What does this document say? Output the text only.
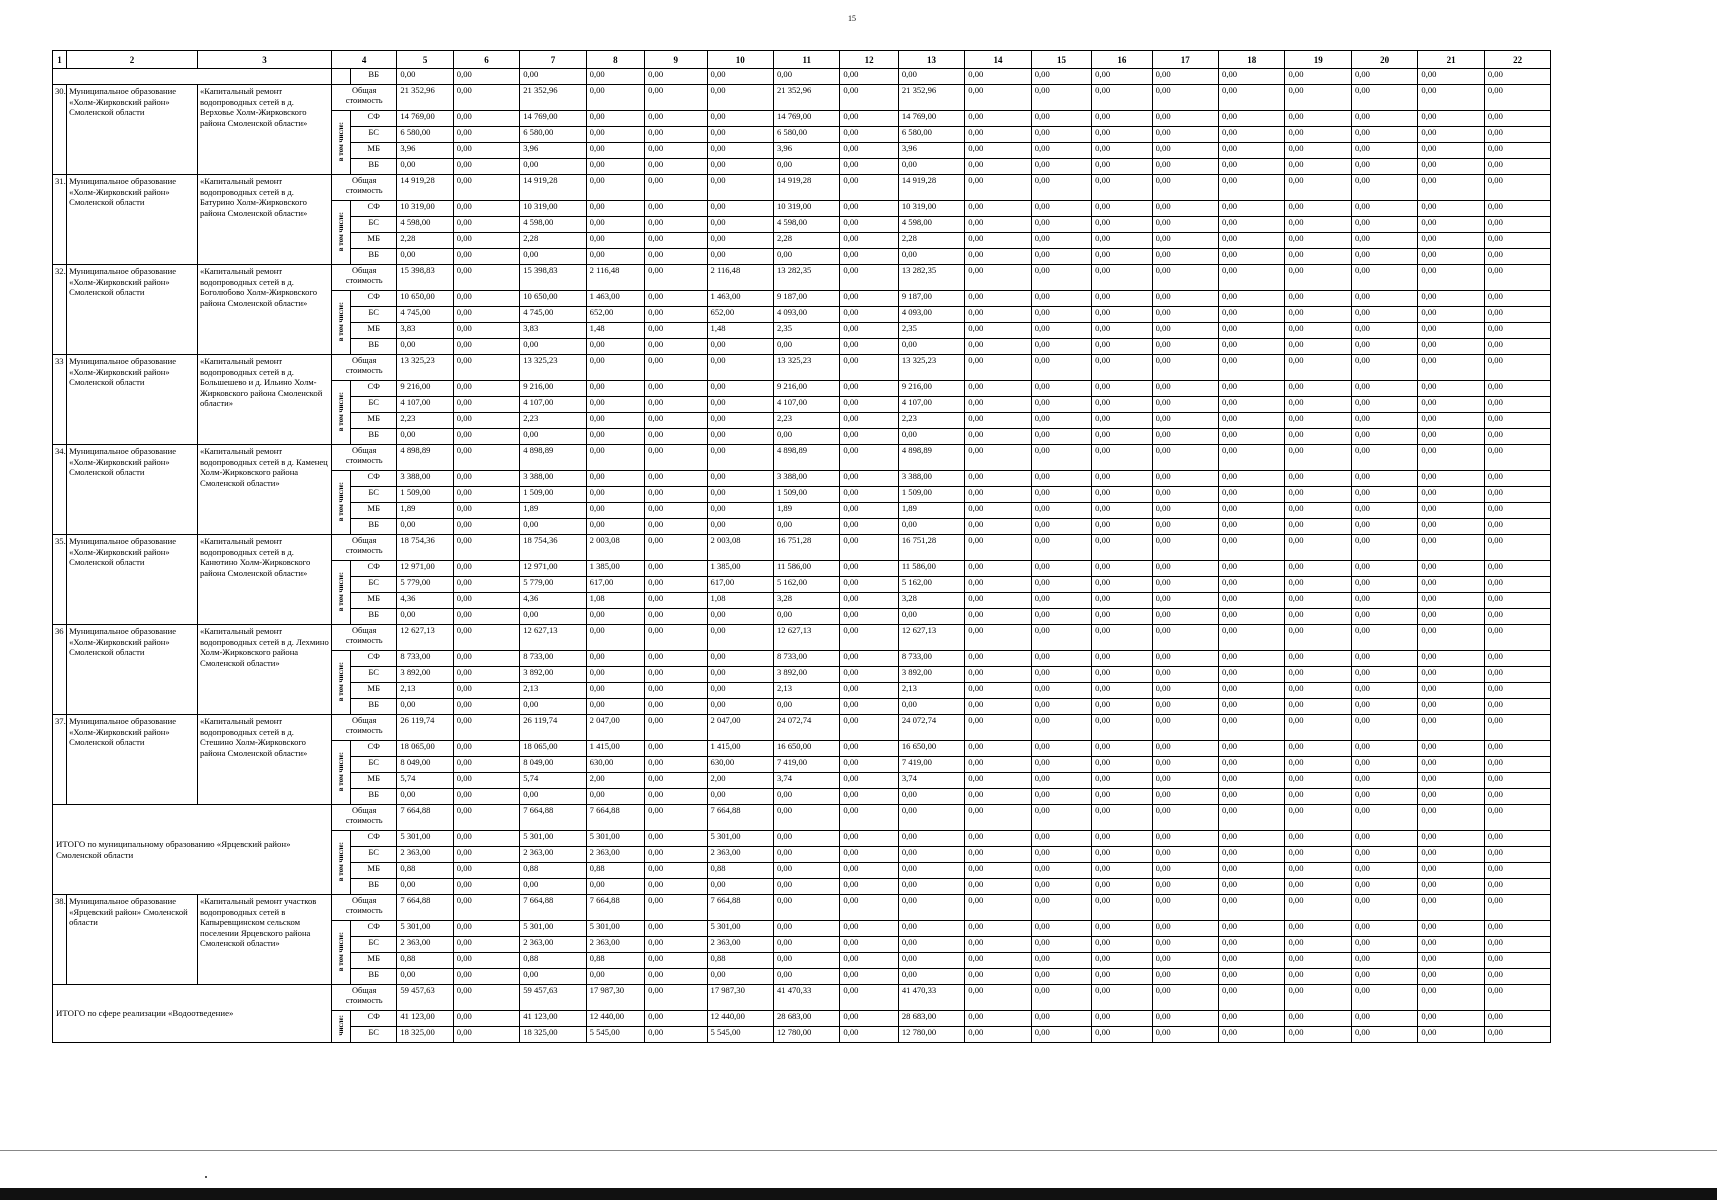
15
1	2	3	4		5	6	7	8	9	10	11	12	13	14	15	16	17	18	19	20	21	22
				ВБ	0,00	0,00	0,00	0,00	0,00	0,00	0,00	0,00	0,00	0,00	0,00	0,00	0,00	0,00	0,00	0,00	0,00	0,00
30.	Муниципальное образование «Холм-Жирковский район» Смоленской области	«Капитальный ремонт водопроводных сетей в д. Верховье Холм-Жирковского района Смоленской области»	Общая стоимость		21 352,96	0,00	21 352,96	0,00	0,00	0,00	21 352,96	0,00	21 352,96	0,00	0,00	0,00	0,00	0,00	0,00	0,00	0,00	0,00
			в том числе:	СФ	14 769,00	0,00	14 769,00	0,00	0,00	0,00	14 769,00	0,00	14 769,00	0,00	0,00	0,00	0,00	0,00	0,00	0,00	0,00	0,00
				БС	6 580,00	0,00	6 580,00	0,00	0,00	0,00	6 580,00	0,00	6 580,00	0,00	0,00	0,00	0,00	0,00	0,00	0,00	0,00	0,00
				МБ	3,96	0,00	3,96	0,00	0,00	0,00	3,96	0,00	3,96	0,00	0,00	0,00	0,00	0,00	0,00	0,00	0,00	0,00
				ВБ	0,00	0,00	0,00	0,00	0,00	0,00	0,00	0,00	0,00	0,00	0,00	0,00	0,00	0,00	0,00	0,00	0,00	0,00
31.	Муниципальное образование «Холм-Жирковский район» Смоленской области	«Капитальный ремонт водопроводных сетей в д. Батурино Холм-Жирковского района Смоленской области»	Общая стоимость		14 919,28	0,00	14 919,28	0,00	0,00	0,00	14 919,28	0,00	14 919,28	0,00	0,00	0,00	0,00	0,00	0,00	0,00	0,00	0,00
			в том числе:	СФ	10 319,00	0,00	10 319,00	0,00	0,00	0,00	10 319,00	0,00	10 319,00	0,00	0,00	0,00	0,00	0,00	0,00	0,00	0,00	0,00
				БС	4 598,00	0,00	4 598,00	0,00	0,00	0,00	4 598,00	0,00	4 598,00	0,00	0,00	0,00	0,00	0,00	0,00	0,00	0,00	0,00
				МБ	2,28	0,00	2,28	0,00	0,00	0,00	2,28	0,00	2,28	0,00	0,00	0,00	0,00	0,00	0,00	0,00	0,00	0,00
				ВБ	0,00	0,00	0,00	0,00	0,00	0,00	0,00	0,00	0,00	0,00	0,00	0,00	0,00	0,00	0,00	0,00	0,00	0,00
32.	Муниципальное образование «Холм-Жирковский район» Смоленской области	«Капитальный ремонт водопроводных сетей в д. Боголюбово Холм-Жирковского района Смоленской области»	Общая стоимость		15 398,83	0,00	15 398,83	2 116,48	0,00	2 116,48	13 282,35	0,00	13 282,35	0,00	0,00	0,00	0,00	0,00	0,00	0,00	0,00	0,00
			в том числе:	СФ	10 650,00	0,00	10 650,00	1 463,00	0,00	1 463,00	9 187,00	0,00	9 187,00	0,00	0,00	0,00	0,00	0,00	0,00	0,00	0,00	0,00
				БС	4 745,00	0,00	4 745,00	652,00	0,00	652,00	4 093,00	0,00	4 093,00	0,00	0,00	0,00	0,00	0,00	0,00	0,00	0,00	0,00
				МБ	3,83	0,00	3,83	1,48	0,00	1,48	2,35	0,00	2,35	0,00	0,00	0,00	0,00	0,00	0,00	0,00	0,00	0,00
				ВБ	0,00	0,00	0,00	0,00	0,00	0,00	0,00	0,00	0,00	0,00	0,00	0,00	0,00	0,00	0,00	0,00	0,00	0,00
33	Муниципальное образование «Холм-Жирковский район» Смоленской области	«Капитальный ремонт водопроводных сетей в д. Большешево и д. Ильино Холм-Жирковского района Смоленской области»	Общая стоимость		13 325,23	0,00	13 325,23	0,00	0,00	0,00	13 325,23	0,00	13 325,23	0,00	0,00	0,00	0,00	0,00	0,00	0,00	0,00	0,00
			в том числе:	СФ	9 216,00	0,00	9 216,00	0,00	0,00	0,00	9 216,00	0,00	9 216,00	0,00	0,00	0,00	0,00	0,00	0,00	0,00	0,00	0,00
				БС	4 107,00	0,00	4 107,00	0,00	0,00	0,00	4 107,00	0,00	4 107,00	0,00	0,00	0,00	0,00	0,00	0,00	0,00	0,00	0,00
				МБ	2,23	0,00	2,23	0,00	0,00	0,00	2,23	0,00	2,23	0,00	0,00	0,00	0,00	0,00	0,00	0,00	0,00	0,00
				ВБ	0,00	0,00	0,00	0,00	0,00	0,00	0,00	0,00	0,00	0,00	0,00	0,00	0,00	0,00	0,00	0,00	0,00	0,00
34.	Муниципальное образование «Холм-Жирковский район» Смоленской области	«Капитальный ремонт водопроводных сетей в д. Каменец Холм-Жирковского района Смоленской области»	Общая стоимость		4 898,89	0,00	4 898,89	0,00	0,00	0,00	4 898,89	0,00	4 898,89	0,00	0,00	0,00	0,00	0,00	0,00	0,00	0,00	0,00
			в том числе:	СФ	3 388,00	0,00	3 388,00	0,00	0,00	0,00	3 388,00	0,00	3 388,00	0,00	0,00	0,00	0,00	0,00	0,00	0,00	0,00	0,00
				БС	1 509,00	0,00	1 509,00	0,00	0,00	0,00	1 509,00	0,00	1 509,00	0,00	0,00	0,00	0,00	0,00	0,00	0,00	0,00	0,00
				МБ	1,89	0,00	1,89	0,00	0,00	0,00	1,89	0,00	1,89	0,00	0,00	0,00	0,00	0,00	0,00	0,00	0,00	0,00
				ВБ	0,00	0,00	0,00	0,00	0,00	0,00	0,00	0,00	0,00	0,00	0,00	0,00	0,00	0,00	0,00	0,00	0,00	0,00
35.	Муниципальное образование «Холм-Жирковский район» Смоленской области	«Капитальный ремонт водопроводных сетей в д. Канютино Холм-Жирковского района Смоленской области»	Общая стоимость		18 754,36	0,00	18 754,36	2 003,08	0,00	2 003,08	16 751,28	0,00	16 751,28	0,00	0,00	0,00	0,00	0,00	0,00	0,00	0,00	0,00
			в том числе:	СФ	12 971,00	0,00	12 971,00	1 385,00	0,00	1 385,00	11 586,00	0,00	11 586,00	0,00	0,00	0,00	0,00	0,00	0,00	0,00	0,00	0,00
				БС	5 779,00	0,00	5 779,00	617,00	0,00	617,00	5 162,00	0,00	5 162,00	0,00	0,00	0,00	0,00	0,00	0,00	0,00	0,00	0,00
				МБ	4,36	0,00	4,36	1,08	0,00	1,08	3,28	0,00	3,28	0,00	0,00	0,00	0,00	0,00	0,00	0,00	0,00	0,00
				ВБ	0,00	0,00	0,00	0,00	0,00	0,00	0,00	0,00	0,00	0,00	0,00	0,00	0,00	0,00	0,00	0,00	0,00	0,00
36	Муниципальное образование «Холм-Жирковский район» Смоленской области	«Капитальный ремонт водопроводных сетей в д. Лехмино Холм-Жирковского района Смоленской области»	Общая стоимость		12 627,13	0,00	12 627,13	0,00	0,00	0,00	12 627,13	0,00	12 627,13	0,00	0,00	0,00	0,00	0,00	0,00	0,00	0,00	0,00
			в том числе:	СФ	8 733,00	0,00	8 733,00	0,00	0,00	0,00	8 733,00	0,00	8 733,00	0,00	0,00	0,00	0,00	0,00	0,00	0,00	0,00	0,00
				БС	3 892,00	0,00	3 892,00	0,00	0,00	0,00	3 892,00	0,00	3 892,00	0,00	0,00	0,00	0,00	0,00	0,00	0,00	0,00	0,00
				МБ	2,13	0,00	2,13	0,00	0,00	0,00	2,13	0,00	2,13	0,00	0,00	0,00	0,00	0,00	0,00	0,00	0,00	0,00
				ВБ	0,00	0,00	0,00	0,00	0,00	0,00	0,00	0,00	0,00	0,00	0,00	0,00	0,00	0,00	0,00	0,00	0,00	0,00
37.	Муниципальное образование «Холм-Жирковский район» Смоленской области	«Капитальный ремонт водопроводных сетей в д. Стешино Холм-Жирковского района Смоленской области»	Общая стоимость		26 119,74	0,00	26 119,74	2 047,00	0,00	2 047,00	24 072,74	0,00	24 072,74	0,00	0,00	0,00	0,00	0,00	0,00	0,00	0,00	0,00
			в том числе:	СФ	18 065,00	0,00	18 065,00	1 415,00	0,00	1 415,00	16 650,00	0,00	16 650,00	0,00	0,00	0,00	0,00	0,00	0,00	0,00	0,00	0,00
				БС	8 049,00	0,00	8 049,00	630,00	0,00	630,00	7 419,00	0,00	7 419,00	0,00	0,00	0,00	0,00	0,00	0,00	0,00	0,00	0,00
				МБ	5,74	0,00	5,74	2,00	0,00	2,00	3,74	0,00	3,74	0,00	0,00	0,00	0,00	0,00	0,00	0,00	0,00	0,00
				ВБ	0,00	0,00	0,00	0,00	0,00	0,00	0,00	0,00	0,00	0,00	0,00	0,00	0,00	0,00	0,00	0,00	0,00	0,00
ИТОГО по муниципальному образованию «Ярцевский район» Смоленской области			Общая стоимость		7 664,88	0,00	7 664,88	7 664,88	0,00	7 664,88	0,00	0,00	0,00	0,00	0,00	0,00	0,00	0,00	0,00	0,00	0,00	0,00
			в том числе:	СФ	5 301,00	0,00	5 301,00	5 301,00	0,00	5 301,00	0,00	0,00	0,00	0,00	0,00	0,00	0,00	0,00	0,00	0,00	0,00	0,00
				БС	2 363,00	0,00	2 363,00	2 363,00	0,00	2 363,00	0,00	0,00	0,00	0,00	0,00	0,00	0,00	0,00	0,00	0,00	0,00	0,00
				МБ	0,88	0,00	0,88	0,88	0,00	0,88	0,00	0,00	0,00	0,00	0,00	0,00	0,00	0,00	0,00	0,00	0,00	0,00
				ВБ	0,00	0,00	0,00	0,00	0,00	0,00	0,00	0,00	0,00	0,00	0,00	0,00	0,00	0,00	0,00	0,00	0,00	0,00
38.	Муниципальное образование «Ярцевский район» Смоленской области	«Капитальный ремонт участков водопроводных сетей в Капыревщинском сельском поселении Ярцевского района Смоленской области»	Общая стоимость		7 664,88	0,00	7 664,88	7 664,88	0,00	7 664,88	0,00	0,00	0,00	0,00	0,00	0,00	0,00	0,00	0,00	0,00	0,00	0,00
			в том числе:	СФ	5 301,00	0,00	5 301,00	5 301,00	0,00	5 301,00	0,00	0,00	0,00	0,00	0,00	0,00	0,00	0,00	0,00	0,00	0,00	0,00
				БС	2 363,00	0,00	2 363,00	2 363,00	0,00	2 363,00	0,00	0,00	0,00	0,00	0,00	0,00	0,00	0,00	0,00	0,00	0,00	0,00
				МБ	0,88	0,00	0,88	0,88	0,00	0,88	0,00	0,00	0,00	0,00	0,00	0,00	0,00	0,00	0,00	0,00	0,00	0,00
				ВБ	0,00	0,00	0,00	0,00	0,00	0,00	0,00	0,00	0,00	0,00	0,00	0,00	0,00	0,00	0,00	0,00	0,00	0,00
ИТОГО по сфере реализации «Водоотведение»			Общая стоимость		59 457,63	0,00	59 457,63	17 987,30	0,00	17 987,30	41 470,33	0,00	41 470,33	0,00	0,00	0,00	0,00	0,00	0,00	0,00	0,00	0,00
			числе:	СФ	41 123,00	0,00	41 123,00	12 440,00	0,00	12 440,00	28 683,00	0,00	28 683,00	0,00	0,00	0,00	0,00	0,00	0,00	0,00	0,00	0,00
				БС	18 325,00	0,00	18 325,00	5 545,00	0,00	5 545,00	12 780,00	0,00	12 780,00	0,00	0,00	0,00	0,00	0,00	0,00	0,00	0,00	0,00
